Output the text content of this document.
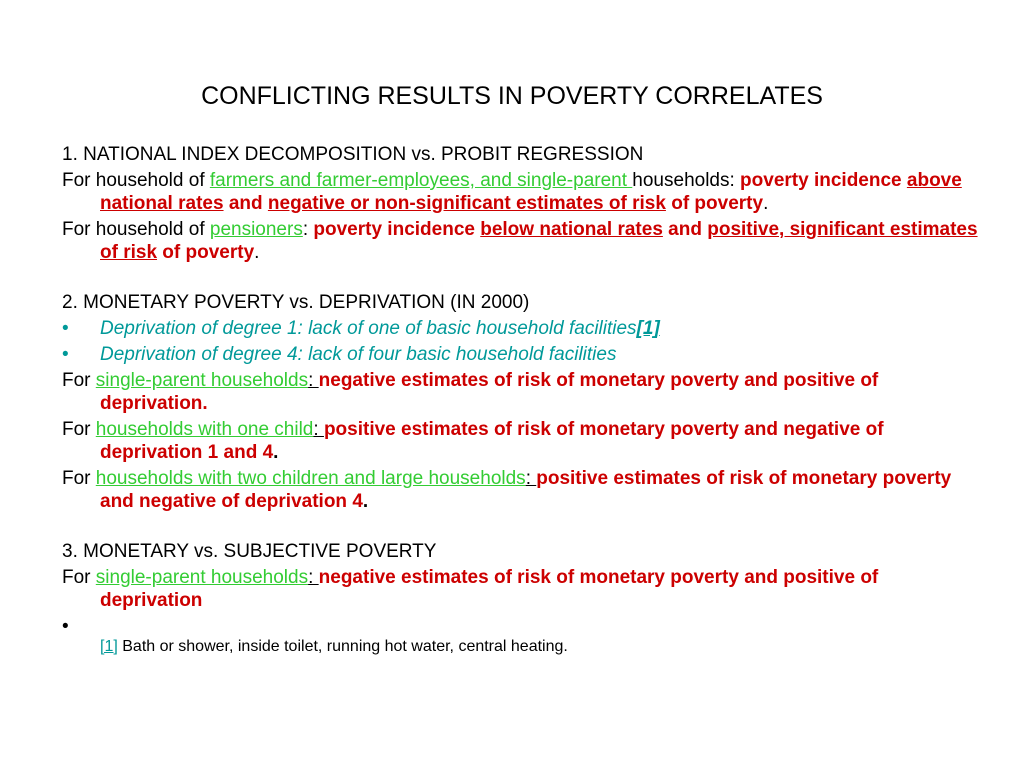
CONFLICTING RESULTS IN POVERTY CORRELATES
1. NATIONAL INDEX DECOMPOSITION vs. PROBIT REGRESSION

For household of farmers and farmer-employees, and single-parent households: poverty incidence above national rates and negative or non-significant estimates of risk of poverty.

For household of pensioners: poverty incidence below national rates and positive, significant estimates of risk of poverty.

2. MONETARY POVERTY vs. DEPRIVATION (IN 2000)
• Deprivation of degree 1: lack of one of basic household facilities[1]
• Deprivation of degree 4: lack of four basic household facilities

For single-parent households: negative estimates of risk of monetary poverty and positive of deprivation.

For households with one child: positive estimates of risk of monetary poverty and negative of deprivation 1 and 4.

For households with two children and large households: positive estimates of risk of monetary poverty and negative of deprivation 4.

3. MONETARY vs. SUBJECTIVE POVERTY

For single-parent households: negative estimates of risk of monetary poverty and positive of deprivation

•

[1] Bath or shower, inside toilet, running hot water, central heating.
